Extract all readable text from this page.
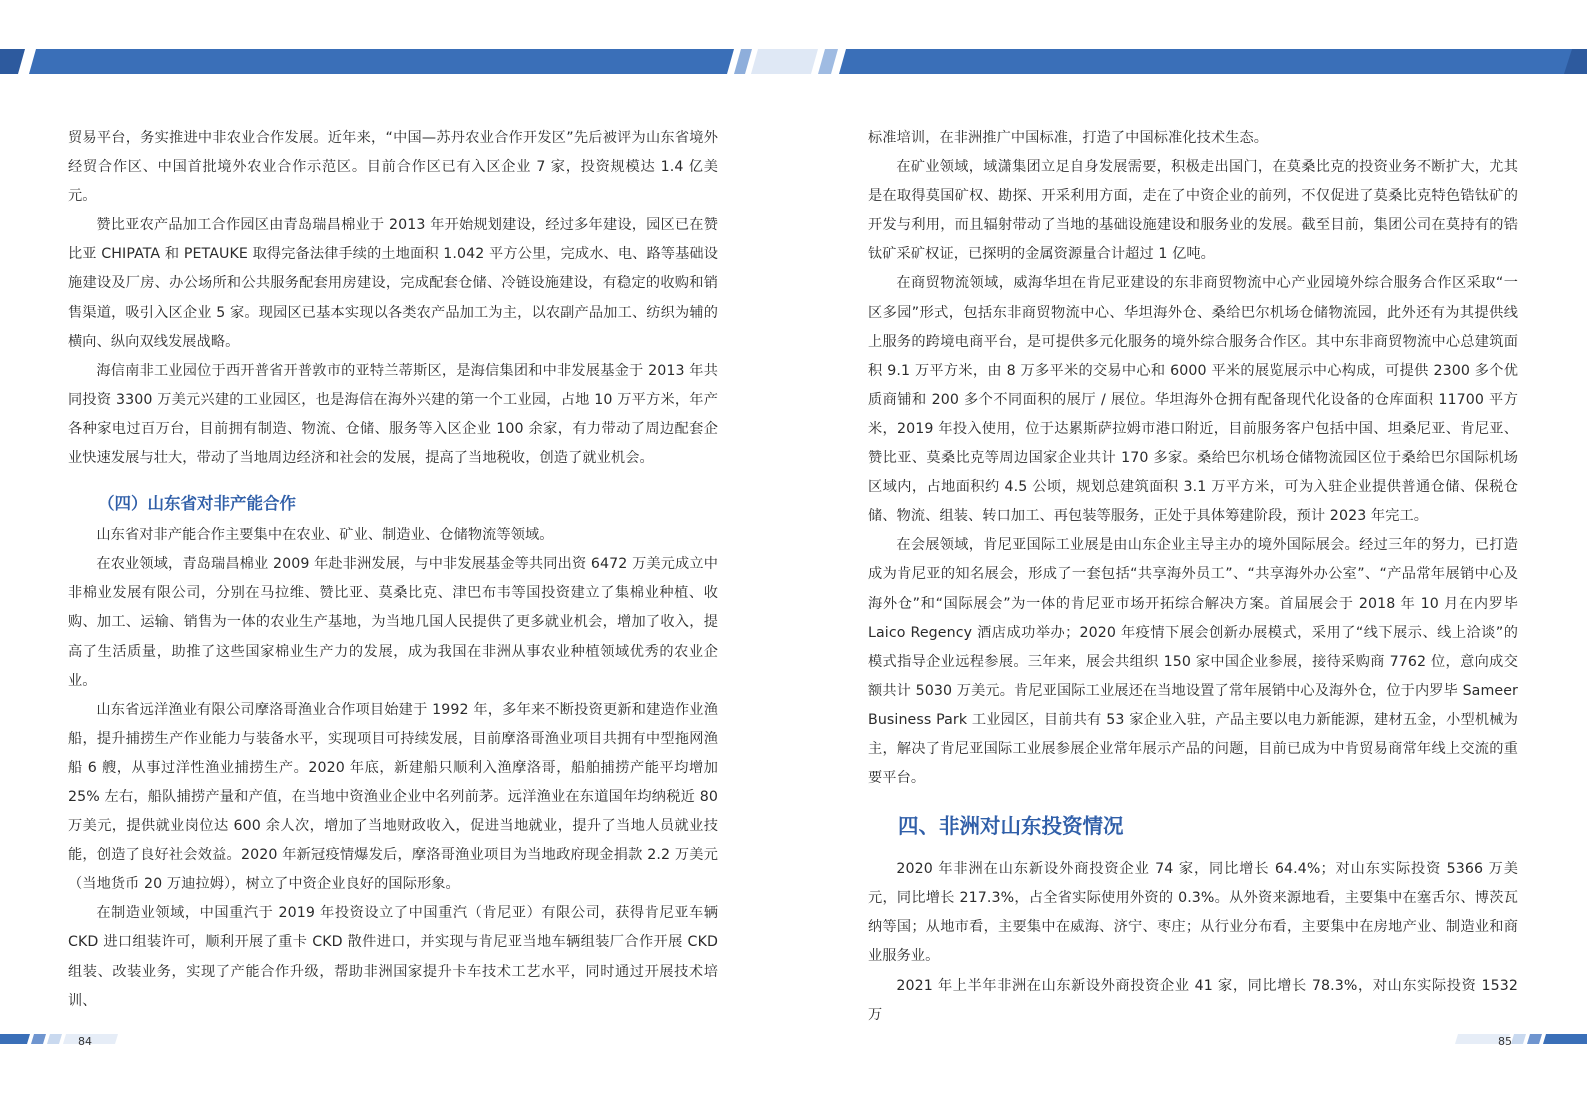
贸易平台，务实推进中非农业合作发展。近年来，“中国—苏丹农业合作开发区”先后被评为山东省境外经贸合作区、中国首批境外农业合作示范区。目前合作区已有入区企业 7 家，投资规模达 1.4 亿美元。

赞比亚农产品加工合作园区由青岛瑞昌棉业于 2013 年开始规划建设，经过多年建设，园区已在赞比亚 CHIPATA 和 PETAUKE 取得完备法律手续的土地面积 1.042 平方公里，完成水、电、路等基础设施建设及厂房、办公场所和公共服务配套用房建设，完成配套仓储、冷链设施建设，有稳定的收购和销售渠道，吸引入区企业 5 家。现园区已基本实现以各类农产品加工为主，以农副产品加工、纺织为辅的横向、纵向双线发展战略。

海信南非工业园位于西开普省开普敦市的亚特兰蒂斯区，是海信集团和中非发展基金于 2013 年共同投资 3300 万美元兴建的工业园区，也是海信在海外兴建的第一个工业园，占地 10 万平方米，年产各种家电过百万台，目前拥有制造、物流、仓储、服务等入区企业 100 余家，有力带动了周边配套企业快速发展与壮大，带动了当地周边经济和社会的发展，提高了当地税收，创造了就业机会。

（四）山东省对非产能合作

山东省对非产能合作主要集中在农业、矿业、制造业、仓储物流等领域。

在农业领域，青岛瑞昌棉业 2009 年赴非洲发展，与中非发展基金等共同出资 6472 万美元成立中非棉业发展有限公司，分别在马拉维、赞比亚、莫桑比克、津巴布韦等国投资建立了集棉业种植、收购、加工、运输、销售为一体的农业生产基地，为当地几国人民提供了更多就业机会，增加了收入，提高了生活质量，助推了这些国家棉业生产力的发展，成为我国在非洲从事农业种植领域优秀的农业企业。

山东省远洋渔业有限公司摩洛哥渔业合作项目始建于 1992 年，多年来不断投资更新和建造作业渔船，提升捕捞生产作业能力与装备水平，实现项目可持续发展，目前摩洛哥渔业项目共拥有中型拖网渔船 6 艘，从事过洋性渔业捕捞生产。2020 年底，新建船只顺利入渔摩洛哥，船舶捕捞产能平均增加 25% 左右，船队捕捞产量和产值，在当地中资渔业企业中名列前茅。远洋渔业在东道国年均纳税近 80 万美元，提供就业岗位达 600 余人次，增加了当地财政收入，促进当地就业，提升了当地人员就业技能，创造了良好社会效益。2020 年新冠疫情爆发后，摩洛哥渔业项目为当地政府现金捐款 2.2 万美元（当地货币 20 万迪拉姆），树立了中资企业良好的国际形象。

在制造业领域，中国重汽于 2019 年投资设立了中国重汽（肯尼亚）有限公司，获得肯尼亚车辆 CKD 进口组装许可，顺利开展了重卡 CKD 散件进口，并实现与肯尼亚当地车辆组装厂合作开展 CKD 组装、改装业务，实现了产能合作升级，帮助非洲国家提升卡车技术工艺水平，同时通过开展技术培训、

标准培训，在非洲推广中国标准，打造了中国标准化技术生态。

在矿业领域，域潇集团立足自身发展需要，积极走出国门，在莫桑比克的投资业务不断扩大，尤其是在取得莫国矿权、勘探、开采利用方面，走在了中资企业的前列，不仅促进了莫桑比克特色锆钛矿的开发与利用，而且辐射带动了当地的基础设施建设和服务业的发展。截至目前，集团公司在莫持有的锆钛矿采矿权证，已探明的金属资源量合计超过 1 亿吨。

在商贸物流领域，威海华坦在肯尼亚建设的东非商贸物流中心产业园境外综合服务合作区采取“一区多园”形式，包括东非商贸物流中心、华坦海外仓、桑给巴尔机场仓储物流园，此外还有为其提供线上服务的跨境电商平台，是可提供多元化服务的境外综合服务合作区。其中东非商贸物流中心总建筑面积 9.1 万平方米，由 8 万多平米的交易中心和 6000 平米的展览展示中心构成，可提供 2300 多个优质商铺和 200 多个不同面积的展厅 / 展位。华坦海外仓拥有配备现代化设备的仓库面积 11700 平方米，2019 年投入使用，位于达累斯萨拉姆市港口附近，目前服务客户包括中国、坦桑尼亚、肯尼亚、赞比亚、莫桑比克等周边国家企业共计 170 多家。桑给巴尔机场仓储物流园区位于桑给巴尔国际机场区域内，占地面积约 4.5 公顷，规划总建筑面积 3.1 万平方米，可为入驻企业提供普通仓储、保税仓储、物流、组装、转口加工、再包装等服务，正处于具体筹建阶段，预计 2023 年完工。

在会展领域，肯尼亚国际工业展是由山东企业主导主办的境外国际展会。经过三年的努力，已打造成为肯尼亚的知名展会，形成了一套包括“共享海外员工”、“共享海外办公室”、“产品常年展销中心及海外仓”和“国际展会”为一体的肯尼亚市场开拓综合解决方案。首届展会于 2018 年 10 月在内罗毕 Laico Regency 酒店成功举办；2020 年疫情下展会创新办展模式，采用了“线下展示、线上洽谈”的模式指导企业远程参展。三年来，展会共组织 150 家中国企业参展，接待采购商 7762 位，意向成交额共计 5030 万美元。肯尼亚国际工业展还在当地设置了常年展销中心及海外仓，位于内罗毕 Sameer Business Park 工业园区，目前共有 53 家企业入驻，产品主要以电力新能源，建材五金，小型机械为主，解决了肯尼亚国际工业展参展企业常年展示产品的问题，目前已成为中肯贸易商常年线上交流的重要平台。

四、非洲对山东投资情况

2020 年非洲在山东新设外商投资企业 74 家，同比增长 64.4%；对山东实际投资 5366 万美元，同比增长 217.3%，占全省实际使用外资的 0.3%。从外资来源地看，主要集中在塞舌尔、博茨瓦纳等国；从地市看，主要集中在威海、济宁、枣庄；从行业分布看，主要集中在房地产业、制造业和商业服务业。

2021 年上半年非洲在山东新设外商投资企业 41 家，同比增长 78.3%，对山东实际投资 1532 万

84	85
